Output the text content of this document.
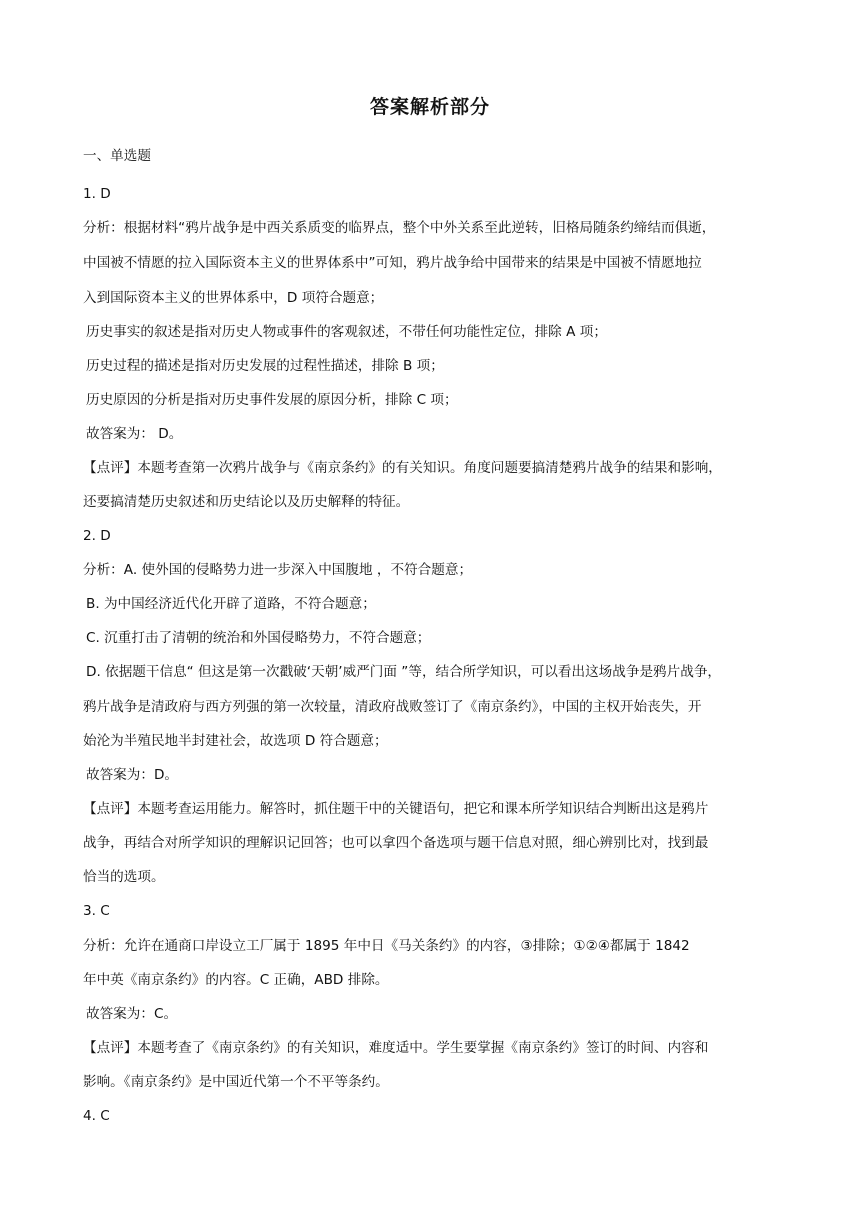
答案解析部分
一、单选题
1. D
分析：根据材料“鸦片战争是中西关系质变的临界点，整个中外关系至此逆转，旧格局随条约缔结而俱逝，
中国被不情愿的拉入国际资本主义的世界体系中”可知，鸦片战争给中国带来的结果是中国被不情愿地拉
入到国际资本主义的世界体系中，D 项符合题意；
历史事实的叙述是指对历史人物或事件的客观叙述，不带任何功能性定位，排除 A 项；
历史过程的描述是指对历史发展的过程性描述，排除 B 项；
历史原因的分析是指对历史事件发展的原因分析，排除 C 项；
故答案为： D。
【点评】本题考查第一次鸦片战争与《南京条约》的有关知识。角度问题要搞清楚鸦片战争的结果和影响，
还要搞清楚历史叙述和历史结论以及历史解释的特征。
2. D
分析：A. 使外国的侵略势力进一步深入中国腹地 ，不符合题意；
B. 为中国经济近代化开辟了道路，不符合题意；
C. 沉重打击了清朝的统治和外国侵略势力，不符合题意；
D. 依据题干信息“ 但这是第一次戳破‘天朝’威严门面 ”等，结合所学知识，可以看出这场战争是鸦片战争，
鸦片战争是清政府与西方列强的第一次较量，清政府战败签订了《南京条约》，中国的主权开始丧失，开
始沦为半殖民地半封建社会，故选项 D 符合题意；
故答案为：D。
【点评】本题考查运用能力。解答时，抓住题干中的关键语句，把它和课本所学知识结合判断出这是鸦片
战争，再结合对所学知识的理解识记回答；也可以拿四个备选项与题干信息对照，细心辨别比对，找到最
恰当的选项。
3. C
分析：允许在通商口岸设立工厂属于 1895 年中日《马关条约》的内容，③排除；①②④都属于 1842
年中英《南京条约》的内容。C 正确，ABD 排除。
故答案为：C。
【点评】本题考查了《南京条约》的有关知识，难度适中。学生要掌握《南京条约》签订的时间、内容和
影响。《南京条约》是中国近代第一个不平等条约。
4. C
